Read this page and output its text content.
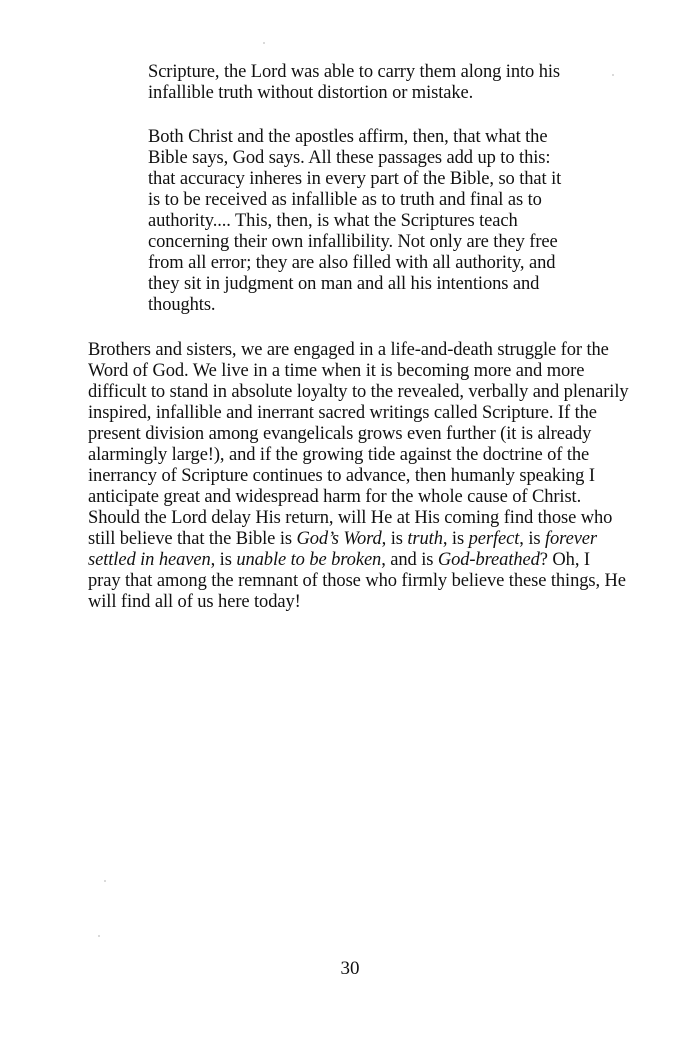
Scripture, the Lord was able to carry them along into his
infallible truth without distortion or mistake.
Both Christ and the apostles affirm, then, that what the
Bible says, God says. All these passages add up to this:
that accuracy inheres in every part of the Bible, so that it
is to be received as infallible as to truth and final as to
authority.... This, then, is what the Scriptures teach
concerning their own infallibility. Not only are they free
from all error; they are also filled with all authority, and
they sit in judgment on man and all his intentions and
thoughts.
Brothers and sisters, we are engaged in a life-and-death struggle for the
Word of God. We live in a time when it is becoming more and more
difficult to stand in absolute loyalty to the revealed, verbally and plenarily
inspired, infallible and inerrant sacred writings called Scripture. If the
present division among evangelicals grows even further (it is already
alarmingly large!), and if the growing tide against the doctrine of the
inerrancy of Scripture continues to advance, then humanly speaking I
anticipate great and widespread harm for the whole cause of Christ.
Should the Lord delay His return, will He at His coming find those who
still believe that the Bible is God’s Word, is truth, is perfect, is forever
settled in heaven, is unable to be broken, and is God-breathed? Oh, I
pray that among the remnant of those who firmly believe these things, He
will find all of us here today!
30
